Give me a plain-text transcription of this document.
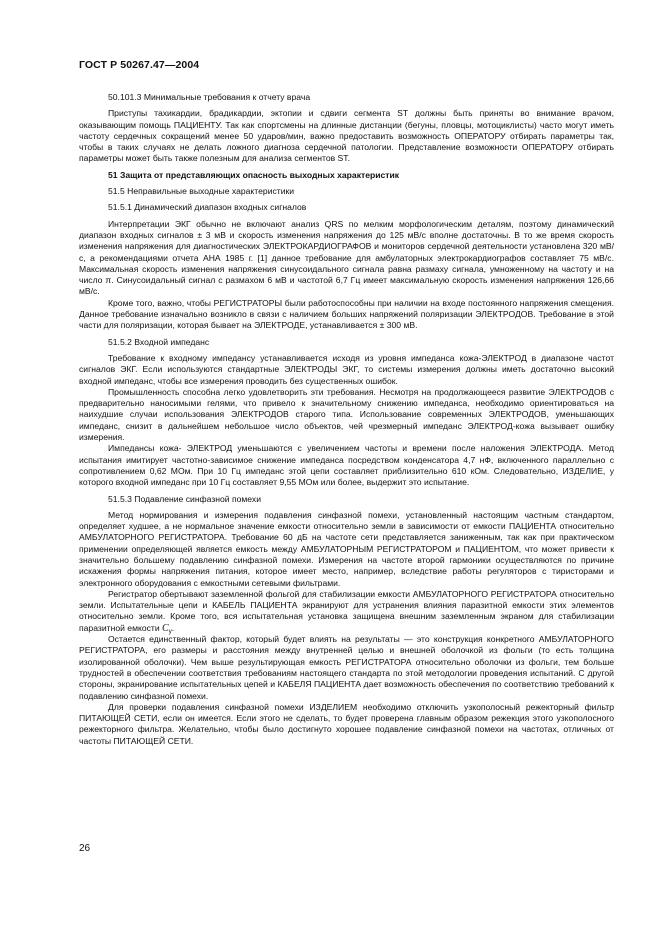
ГОСТ Р 50267.47—2004

50.101.3 Минимальные требования к отчету врача

Приступы тахикардии, брадикардии, эктопии и сдвиги сегмента ST должны быть приняты во внимание врачом, оказывающим помощь ПАЦИЕНТУ. Так как спортсмены на длинные дистанции (бегуны, пловцы, мотоциклисты) часто могут иметь частоту сердечных сокращений менее 50 ударов/мин, важно предоставить возможность ОПЕРАТОРУ отбирать параметры так, чтобы в таких случаях не делать ложного диагноза сердечной патологии. Представление возможности ОПЕРАТОРУ отбирать параметры может быть также полезным для анализа сегментов ST.

51 Защита от представляющих опасность выходных характеристик

51.5 Неправильные выходные характеристики

51.5.1 Динамический диапазон входных сигналов

Интерпретации ЭКГ обычно не включают анализ QRS по мелким морфологическим деталям, поэтому динамический диапазон входных сигналов ± 3 мВ и скорость изменения напряжения до 125 мВ/с вполне достаточны. В то же время скорость изменения напряжения для диагностических ЭЛЕКТРОКАРДИОГРАФОВ и мониторов сердечной деятельности установлена 320 мВ/с, а рекомендациями отчета АНА 1985 г. [1] данное требование для амбулаторных электрокардиографов составляет 75 мВ/с. Максимальная скорость изменения напряжения синусоидального сигнала равна размаху сигнала, умноженному на частоту и на число π. Синусоидальный сигнал с размахом 6 мВ и частотой 6,7 Гц имеет максимальную скорость изменения напряжения 126,66 мВ/с.

Кроме того, важно, чтобы РЕГИСТРАТОРЫ были работоспособны при наличии на входе постоянного напряжения смещения. Данное требование изначально возникло в связи с наличием больших напряжений поляризации ЭЛЕКТРОДОВ. Требование в этой части для поляризации, которая бывает на ЭЛЕКТРОДЕ, устанавливается ± 300 мВ.

51.5.2 Входной импеданс

Требование к входному импедансу устанавливается исходя из уровня импеданса кожа-ЭЛЕКТРОД в диапазоне частот сигналов ЭКГ. Если используются стандартные ЭЛЕКТРОДЫ ЭКГ, то системы измерения должны иметь достаточно высокий входной импеданс, чтобы все измерения проводить без существенных ошибок.

Промышленность способна легко удовлетворить эти требования. Несмотря на продолжающееся развитие ЭЛЕКТРОДОВ с предварительно наносимыми гелями, что привело к значительному снижению импеданса, необходимо ориентироваться на наихудшие случаи использования ЭЛЕКТРОДОВ старого типа. Использование современных ЭЛЕКТРОДОВ, уменьшающих импеданс, снизит в дальнейшем небольшое число объектов, чей чрезмерный импеданс ЭЛЕКТРОД-кожа вызывает ошибку измерения.

Импедансы кожа- ЭЛЕКТРОД уменьшаются с увеличением частоты и времени после наложения ЭЛЕКТРОДА. Метод испытания имитирует частотно-зависимое снижение импеданса посредством конденсатора 4,7 нФ, включенного параллельно с сопротивлением 0,62 МОм. При 10 Гц импеданс этой цепи составляет приблизительно 610 кОм. Следовательно, ИЗДЕЛИЕ, у которого входной импеданс при 10 Гц составляет 9,55 МОм или более, выдержит это испытание.

51.5.3 Подавление синфазной помехи

Метод нормирования и измерения подавления синфазной помехи, установленный настоящим частным стандартом, определяет худшее, а не нормальное значение емкости относительно земли в зависимости от емкости ПАЦИЕНТА относительно АМБУЛАТОРНОГО РЕГИСТРАТОРА. Требование 60 дБ на частоте сети представляется заниженным, так как при практическом применении определяющей является емкость между АМБУЛАТОРНЫМ РЕГИСТРАТОРОМ и ПАЦИЕНТОМ, что может привести к значительно большему подавлению синфазной помехи. Измерения на частоте второй гармоники осуществляются по причине искажения формы напряжения питания, которое имеет место, например, вследствие работы регуляторов с тиристорами и электронного оборудования с емкостными сетевыми фильтрами.

Регистратор обертывают заземленной фольгой для стабилизации емкости АМБУЛАТОРНОГО РЕГИСТРАТОРА относительно земли. Испытательные цепи и КАБЕЛЬ ПАЦИЕНТА экранируют для устранения влияния паразитной емкости этих элементов относительно земли. Кроме того, вся испытательная установка защищена внешним заземленным экраном для стабилизации паразитной емкости $C_y$.

Остается единственный фактор, который будет влиять на результаты — это конструкция конкретного АМБУЛАТОРНОГО РЕГИСТРАТОРА, его размеры и расстояния между внутренней целью и внешней оболочкой из фольги (то есть толщина изолированной оболочки). Чем выше результирующая емкость РЕГИСТРАТОРА относительно оболочки из фольги, тем больше трудностей в обеспечении соответствия требованиям настоящего стандарта по этой методологии проведения испытаний. С другой стороны, экранирование испытательных цепей и КАБЕЛЯ ПАЦИЕНТА дает возможность обеспечения по соответствию требований к подавлению синфазной помехи.

Для проверки подавления синфазной помехи ИЗДЕЛИЕМ необходимо отключить узкополосный режекторный фильтр ПИТАЮЩЕЙ СЕТИ, если он имеется. Если этого не сделать, то будет проверена главным образом режекция этого узкополосного режекторного фильтра. Желательно, чтобы было достигнуто хорошее подавление синфазной помехи на частотах, отличных от частоты ПИТАЮЩЕЙ СЕТИ.

26
